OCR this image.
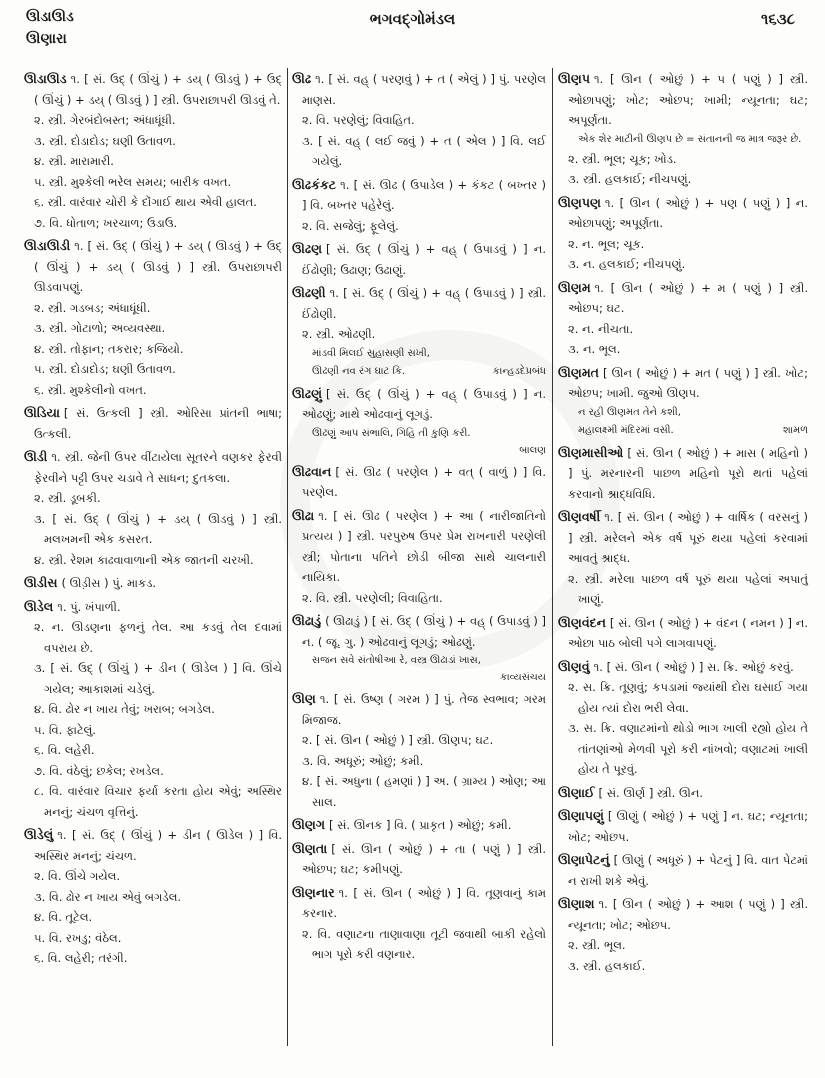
ઊડાઊડ
ઊણારા
ભગવદ્ગોમંડલ	૧૬૩૮
ઊડાઊડ ૧. [ સં. ઉદ્ ( ઊંચું ) + ડય્ ( ઊડવું ) + ઉદ્ ( ઊંચું ) + ડય્ ( ઊડવું ) ] સ્ત્રી. ઉપરાછાપરી ઊડવું તે.
૨. સ્ત્રી. ગેરબંદોબસ્ત; અંધાધૂંધી.
૩. સ્ત્રી. દોડાદોડ; ઘણી ઉતાવળ.
૪. સ્ત્રી. મારામારી.
૫. સ્ત્રી. મુશ્કેલી ભરેલ સમય; બારીક વખત.
૬. સ્ત્રી. વારંવાર ચોરી કે દોંગાઈ થાય એવી હાલત.
૭. વિ. ધોતાળ; ખરચાળ; ઉડાઉ.
ઊડાઊડી ૧. [ સં. ઉદ્ ( ઊંચું ) + ડય્ ( ઊડવું ) + ઉદ્ ( ઊંચું ) + ડય્ ( ઊડવું ) ] સ્ત્રી. ઉપરાછાપરી ઊડવાપણું.
૨. સ્ત્રી. ગડબડ; અંધાધૂંધી.
૩. સ્ત્રી. ગોટાળો; અવ્યવસ્થા.
૪. સ્ત્રી. તોફાન; તકરાર; કજિયો.
૫. સ્ત્રી. દોડાદોડ; ઘણી ઉતાવળ.
૬. સ્ત્રી. મુશ્કેલીનો વખત.
ઊડિયા [ સં. ઉત્કલી ] સ્ત્રી. ઓરિસા પ્રાંતની ભાષા; ઉત્કલી.
ઊડી ૧. સ્ત્રી. જેની ઉપર વીંટાયેલા સૂતરને વણકર ફેરવી ફેરવીને પટ્ટી ઉપર ચડાવે તે સાધન; દુતકલા.
૨. સ્ત્રી. ડૂબકી.
૩. [ સં. ઉદ્ ( ઊંચું ) + ડય્ ( ઊડવું ) ] સ્ત્રી. મલખમની એક કસરત.
૪. સ્ત્રી. રેશમ કાઢવાવાળાની એક જાતની ચરખી.
ઊડીસ ( ઊડ઼ીસ ) પું. માકડ.
ઊડેલ ૧. પું. ખંપાળી.
૨. ન. ઊડણના ફળનું તેલ. આ કડવું તેલ દવામાં વપરાય છે.
૩. [ સં. ઉદ્ ( ઊંચું ) + ડીન ( ઊડેલ ) ] વિ. ઊંચે ગયેલ; આકાશમાં ચડેલું.
૪. વિ. ઢોર ન ખાય તેવું; ખરાબ; બગડેલ.
૫. વિ. ફાટેલું.
૬. વિ. લહેરી.
૭. વિ. વંઠેલું; છકેલ; રખડેલ.
૮. વિ. વારંવાર વિચાર ફર્યા કરતા હોય એવું; અસ્થિર મનનું; ચંચળ વૃત્તિનું.
ઊડેલું ૧. [ સં. ઉદ્ ( ઊંચું ) + ડીન ( ઊડેલ ) ] વિ. અસ્થિર મનનું; ચંચળ.
૨. વિ. ઊંચે ગયેલ.
૩. વિ. ઢોર ન ખાય એવું બગડેલ.
૪. વિ. તૂટેલ.
૫. વિ. રખડુ; વંઠેલ.
૬. વિ. લહેરી; તરંગી.
ઊઢ ૧. [ સં. વહ્ ( પરણવું ) + ત ( એલું ) ] પું. પરણેલ માણસ.
૨. વિ. પરણેલું; વિવાહિત.
૩. [ સં. વહ્ ( લઈ જવું ) + ત ( એલ ) ] વિ. લઈ ગયેલું.
ઊઢકંકટ ૧. [ સં. ઊઢ ( ઉપાડેલ ) + કંકટ ( બખ્તર ) ] વિ. બખ્તર પહેરેલું.
૨. વિ. સજેલું; ફૂલેલું.
ઊઢણ [ સં. ઉદ્ ( ઊંચું ) + વહ્ ( ઉપાડવું ) ] ન. ઈંઢોણી; ઉઢાણ; ઉઢાણું.
ઊઢણી ૧. [ સં. ઉદ્ ( ઊંચું ) + વહ્ ( ઉપાડવું ) ] સ્ત્રી. ઈંઢોણી.
૨. સ્ત્રી. ઓઢણી.
માંડવી મિલઈ સુહાસણી સખી,
કાન્હડદેપ્રબંધ
ઊઢણી નવ રંગ ઘાટ કિ.
ઊઢણું [ સં. ઉદ્ ( ઊંચું ) + વહ્ ( ઉપાડવું ) ] ન. ઓઢણું; માથે ઓઢવાનું લૂગડું.
ઊઢણું આપ સંભાલિ, ગિહિ તી કુણિ કરી.
બાલણ
ઊઢવાન [ સં. ઊઢ ( પરણેલ ) + વત્ ( વાળું ) ] વિ. પરણેલ.
ઊઢા ૧. [ સં. ઊઢ ( પરણેલ ) + આ ( નારીજાતિનો પ્રત્યય ) ] સ્ત્રી. પરપુરુષ ઉપર પ્રેમ રાખનારી પરણેલી સ્ત્રી; પોતાના પતિને છોડી બીજા સાથે ચાલનારી નાયિકા.
૨. વિ. સ્ત્રી. પરણેલી; વિવાહિતા.
ઊઢાડું ( ઊઢાડું ) [ સં. ઉદ્ ( ઊંચું ) + વહ્ ( ઉપાડવું ) ] ન. ( જૂ. ગુ. ) ઓઢવાનું લૂગડું; ઓઢણું.
સજન સવે સંતોષીઆ રે, વસ્ત્ર ઊઢાડાં ખાસ,
કાવ્યસંચય
ઊણ ૧. [ સં. ઉષ્ણ ( ગરમ ) ] પું. તેજ સ્વભાવ; ગરમ મિજાજ.
૨. [ સં. ઊન ( ઓછું ) ] સ્ત્રી. ઊણપ; ઘટ.
૩. વિ. અધૂરું; ઓછું; કમી.
૪. [ સં. અધુના ( હમણાં ) ] અ. ( ગ્રામ્ય ) ઓણ; આ સાલ.
ઊણગ [ સં. ઊનક ] વિ. ( પ્રાકૃત ) ઓછું; કમી.
ઊણતા [ સં. ઊન ( ઓછું ) + તા ( પણું ) ] સ્ત્રી. ઓછપ; ઘટ; કમીપણું.
ઊણનાર ૧. [ સં. ઊન ( ઓછું ) ] વિ. તૂણવાનું કામ કરનાર.
૨. વિ. વણાટના તાણાવાણા તૂટી જવાથી બાકી રહેલો ભાગ પૂરો કરી વણનાર.
ઊણપ ૧. [ ઊન ( ઓછું ) + પ ( પણું ) ] સ્ત્રી. ઓછાપણું; ખોટ; ઓછપ; ખામી; ન્યૂનતા; ઘટ; અપૂર્ણતા.
એક શેર માટીની ઊણપ છે = સંતાનની જ માત્ર જરૂર છે.
૨. સ્ત્રી. ભૂલ; ચૂક; ખોડ.
૩. સ્ત્રી. હલકાઈ; નીચપણું.
ઊણપણ ૧. [ ઊન ( ઓછું ) + પણ ( પણું ) ] ન. ઓછાપણું; અપૂર્ણતા.
૨. ન. ભૂલ; ચૂક.
૩. ન. હલકાઈ; નીચપણું.
ઊણમ ૧. [ ઊન ( ઓછું ) + મ ( પણું ) ] સ્ત્રી. ઓછપ; ઘટ.
૨. ન. નીચતા.
૩. ન. ભૂલ.
ઊણમત [ ઊન ( ઓછું ) + મત ( પણું ) ] સ્ત્રી. ખોટ; ઓછપ; ખામી. જુઓ ઊણપ.
ન રહી ઊણમત તેને કશી,
શામળ
મહાલક્ષ્મી મંદિરમાં વસી.
ઊણમાસીઓ [ સં. ઊન ( ઓછું ) + માસ ( મહિનો ) ] પું. મરનારની પાછળ મહિનો પૂરો થતાં પહેલાં કરવાનો શ્રાદ્ધવિધિ.
ઊણવર્ષી ૧. [ સં. ઊન ( ઓછું ) + વાર્ષિક ( વરસનું ) ] સ્ત્રી. મરેલને એક વર્ષ પૂરું થયા પહેલાં કરવામાં આવતું શ્રાદ્ધ.
૨. સ્ત્રી. મરેલા પાછળ વર્ષ પૂરું થયા પહેલાં અપાતું ખાણું.
ઊણવંદન [ સં. ઊન ( ઓછું ) + વંદન ( નમન ) ] ન. ઓછા પાઠ બોલી પગે લાગવાપણું.
ઊણવું ૧. [ સં. ઊન ( ઓછું ) ] સ. ક્રિ. ઓછું કરવું.
૨. સ. ક્રિ. તૂણવું; કપડામાં જ્યાંથી દોરા ઘસાઈ ગયા હોય ત્યાં દોરા ભરી લેવા.
૩. સ. ક્રિ. વણાટમાંનો થોડો ભાગ ખાલી રહ્યો હોય તે તાંતણાંઓ મેળવી પૂરો કરી નાંખવો; વણાટમાં ખાલી હોય તે પૂરવું.
ઊણાઈ [ સં. ઊર્ણ ] સ્ત્રી. ઊન.
ઊણાપણું [ ઊણું ( ઓછું ) + પણું ] ન. ઘટ; ન્યૂનતા; ખોટ; ઓછપ.
ઊણાપેટનું [ ઊણું ( અધૂરું ) + પેટનું ] વિ. વાત પેટમાં ન રાખી શકે એવું.
ઊણાશ ૧. [ ઊન ( ઓછું ) + આશ ( પણું ) ] સ્ત્રી. ન્યૂનતા; ખોટ; ઓછપ.
૨. સ્ત્રી. ભૂલ.
૩. સ્ત્રી. હલકાઈ.
